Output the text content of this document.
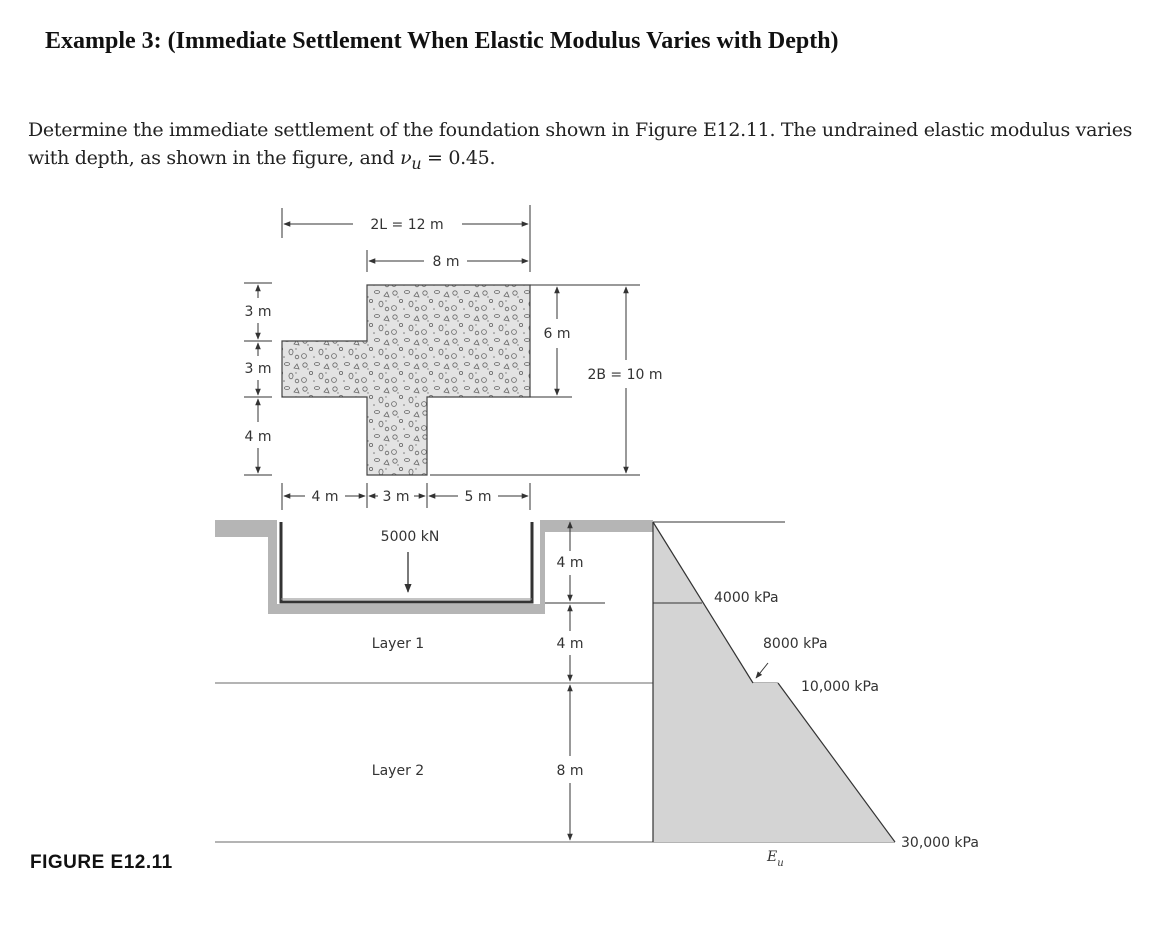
Example 3: (Immediate Settlement When Elastic Modulus Varies with Depth)

Determine the immediate settlement of the foundation shown in Figure E12.11. The undrained elastic modulus varies
with depth, as shown in the figure, and $\nu_u = 0.45$.

FIGURE E12.11
2L = 12 m
8 m
6 m
2B = 10 m
3 m
3 m
4 m
4 m	3 m	5 m
5000 kN
Layer 1
Layer 2
4 m
4 m
8 m
4000 kPa
8000 kPa
10,000 kPa
30,000 kPa
$E_u$
